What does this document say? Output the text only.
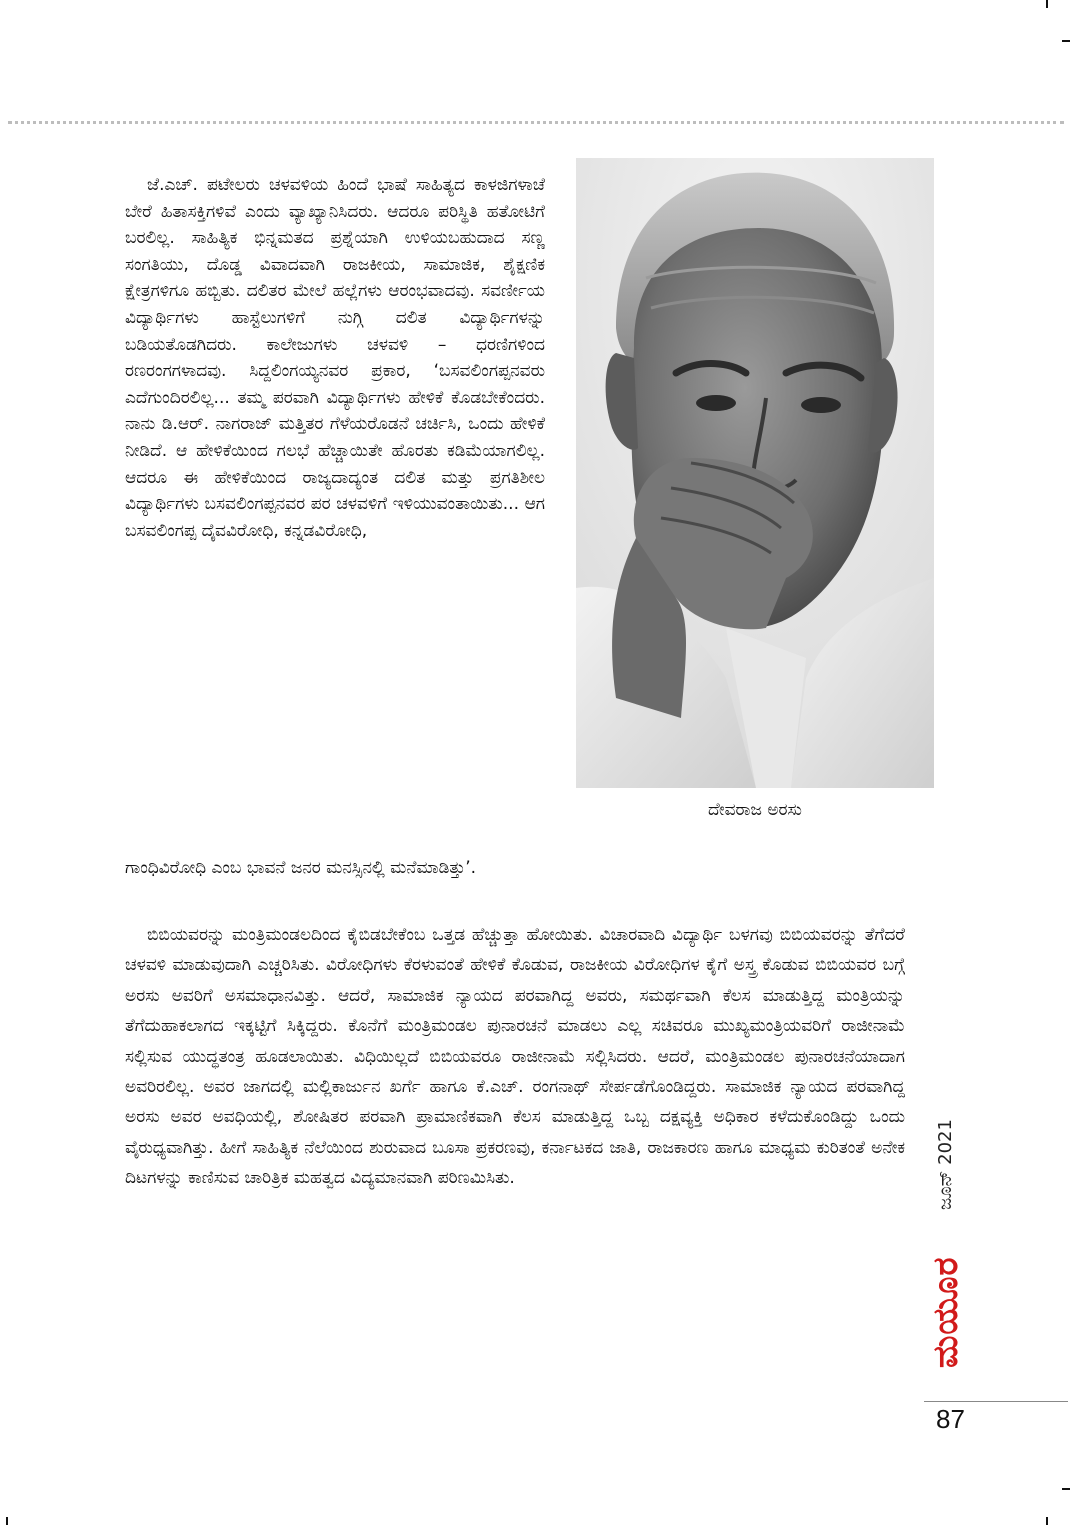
ಜೆ.ಎಚ್. ಪಟೇಲರು ಚಳವಳಿಯ ಹಿಂದೆ ಭಾಷೆ ಸಾಹಿತ್ಯದ ಕಾಳಜಿಗಳಾಚೆ ಬೇರೆ ಹಿತಾಸಕ್ತಿಗಳಿವೆ ಎಂದು ವ್ಯಾಖ್ಯಾನಿಸಿದರು. ಆದರೂ ಪರಿಸ್ಥಿತಿ ಹತೋಟಿಗೆ ಬರಲಿಲ್ಲ. ಸಾಹಿತ್ಯಿಕ ಭಿನ್ನಮತದ ಪ್ರಶ್ನೆಯಾಗಿ ಉಳಿಯಬಹುದಾದ ಸಣ್ಣ ಸಂಗತಿಯು, ದೊಡ್ಡ ವಿವಾದವಾಗಿ ರಾಜಕೀಯ, ಸಾಮಾಜಿಕ, ಶೈಕ್ಷಣಿಕ ಕ್ಷೇತ್ರಗಳಿಗೂ ಹಬ್ಬಿತು. ದಲಿತರ ಮೇಲೆ ಹಲ್ಲೆಗಳು ಆರಂಭವಾದವು. ಸವರ್ಣೀಯ ವಿದ್ಯಾರ್ಥಿಗಳು ಹಾಸ್ಟೆಲುಗಳಿಗೆ ನುಗ್ಗಿ ದಲಿತ ವಿದ್ಯಾರ್ಥಿಗಳನ್ನು ಬಡಿಯತೊಡಗಿದರು. ಕಾಲೇಜುಗಳು ಚಳವಳಿ – ಧರಣಿಗಳಿಂದ ರಣರಂಗಗಳಾದವು. ಸಿದ್ದಲಿಂಗಯ್ಯನವರ ಪ್ರಕಾರ, ‘ಬಸವಲಿಂಗಪ್ಪನವರು ಎದೆಗುಂದಿರಲಿಲ್ಲ... ತಮ್ಮ ಪರವಾಗಿ ವಿದ್ಯಾರ್ಥಿಗಳು ಹೇಳಿಕೆ ಕೊಡಬೇಕೆಂದರು. ನಾನು ಡಿ.ಆರ್. ನಾಗರಾಜ್ ಮತ್ತಿತರ ಗೆಳೆಯರೊಡನೆ ಚರ್ಚಿಸಿ, ಒಂದು ಹೇಳಿಕೆ ನೀಡಿದೆ. ಆ ಹೇಳಿಕೆಯಿಂದ ಗಲಭೆ ಹೆಚ್ಚಾಯಿತೇ ಹೊರತು ಕಡಿಮೆಯಾಗಲಿಲ್ಲ. ಆದರೂ ಈ ಹೇಳಿಕೆಯಿಂದ ರಾಜ್ಯದಾದ್ಯಂತ ದಲಿತ ಮತ್ತು ಪ್ರಗತಿಶೀಲ ವಿದ್ಯಾರ್ಥಿಗಳು ಬಸವಲಿಂಗಪ್ಪನವರ ಪರ ಚಳವಳಿಗೆ ಇಳಿಯುವಂತಾಯಿತು... ಆಗ ಬಸವಲಿಂಗಪ್ಪ ದೈವವಿರೋಧಿ, ಕನ್ನಡವಿರೋಧಿ,

ದೇವರಾಜ ಅರಸು

ಗಾಂಧಿವಿರೋಧಿ ಎಂಬ ಭಾವನೆ ಜನರ ಮನಸ್ಸಿನಲ್ಲಿ ಮನೆಮಾಡಿತ್ತು’.

ಬಿಬಿಯವರನ್ನು ಮಂತ್ರಿಮಂಡಲದಿಂದ ಕೈಬಿಡಬೇಕೆಂಬ ಒತ್ತಡ ಹೆಚ್ಚುತ್ತಾ ಹೋಯಿತು. ವಿಚಾರವಾದಿ ವಿದ್ಯಾರ್ಥಿ ಬಳಗವು ಬಿಬಿಯವರನ್ನು ತೆಗೆದರೆ ಚಳವಳಿ ಮಾಡುವುದಾಗಿ ಎಚ್ಚರಿಸಿತು. ವಿರೋಧಿಗಳು ಕೆರಳುವಂತೆ ಹೇಳಿಕೆ ಕೊಡುವ, ರಾಜಕೀಯ ವಿರೋಧಿಗಳ ಕೈಗೆ ಅಸ್ತ್ರ ಕೊಡುವ ಬಿಬಿಯವರ ಬಗ್ಗೆ ಅರಸು ಅವರಿಗೆ ಅಸಮಾಧಾನವಿತ್ತು. ಆದರೆ, ಸಾಮಾಜಿಕ ನ್ಯಾಯದ ಪರವಾಗಿದ್ದ ಅವರು, ಸಮರ್ಥವಾಗಿ ಕೆಲಸ ಮಾಡುತ್ತಿದ್ದ ಮಂತ್ರಿಯನ್ನು ತೆಗೆದುಹಾಕಲಾಗದ ಇಕ್ಕಟ್ಟಿಗೆ ಸಿಕ್ಕಿದ್ದರು. ಕೊನೆಗೆ ಮಂತ್ರಿಮಂಡಲ ಪುನಾರಚನೆ ಮಾಡಲು ಎಲ್ಲ ಸಚಿವರೂ ಮುಖ್ಯಮಂತ್ರಿಯವರಿಗೆ ರಾಜೀನಾಮೆ ಸಲ್ಲಿಸುವ ಯುದ್ಧತಂತ್ರ ಹೂಡಲಾಯಿತು. ವಿಧಿಯಿಲ್ಲದೆ ಬಿಬಿಯವರೂ ರಾಜೀನಾಮೆ ಸಲ್ಲಿಸಿದರು. ಆದರೆ, ಮಂತ್ರಿಮಂಡಲ ಪುನಾರಚನೆಯಾದಾಗ ಅವರಿರಲಿಲ್ಲ. ಅವರ ಜಾಗದಲ್ಲಿ ಮಲ್ಲಿಕಾರ್ಜುನ ಖರ್ಗೆ ಹಾಗೂ ಕೆ.ಎಚ್. ರಂಗನಾಥ್ ಸೇರ್ಪಡೆಗೊಂಡಿದ್ದರು. ಸಾಮಾಜಿಕ ನ್ಯಾಯದ ಪರವಾಗಿದ್ದ ಅರಸು ಅವರ ಅವಧಿಯಲ್ಲಿ, ಶೋಷಿತರ ಪರವಾಗಿ ಪ್ರಾಮಾಣಿಕವಾಗಿ ಕೆಲಸ ಮಾಡುತ್ತಿದ್ದ ಒಬ್ಬ ದಕ್ಷವ್ಯಕ್ತಿ ಅಧಿಕಾರ ಕಳೆದುಕೊಂಡಿದ್ದು ಒಂದು ವೈರುಧ್ಯವಾಗಿತ್ತು. ಹೀಗೆ ಸಾಹಿತ್ಯಿಕ ನೆಲೆಯಿಂದ ಶುರುವಾದ ಬೂಸಾ ಪ್ರಕರಣವು, ಕರ್ನಾಟಕದ ಜಾತಿ, ರಾಜಕಾರಣ ಹಾಗೂ ಮಾಧ್ಯಮ ಕುರಿತಂತೆ ಅನೇಕ ದಿಟಗಳನ್ನು ಕಾಣಿಸುವ ಚಾರಿತ್ರಿಕ ಮಹತ್ವದ ವಿದ್ಯಮಾನವಾಗಿ ಪರಿಣಮಿಸಿತು.	ಜೂನ್ 2021
ಮಯೂರ
87
